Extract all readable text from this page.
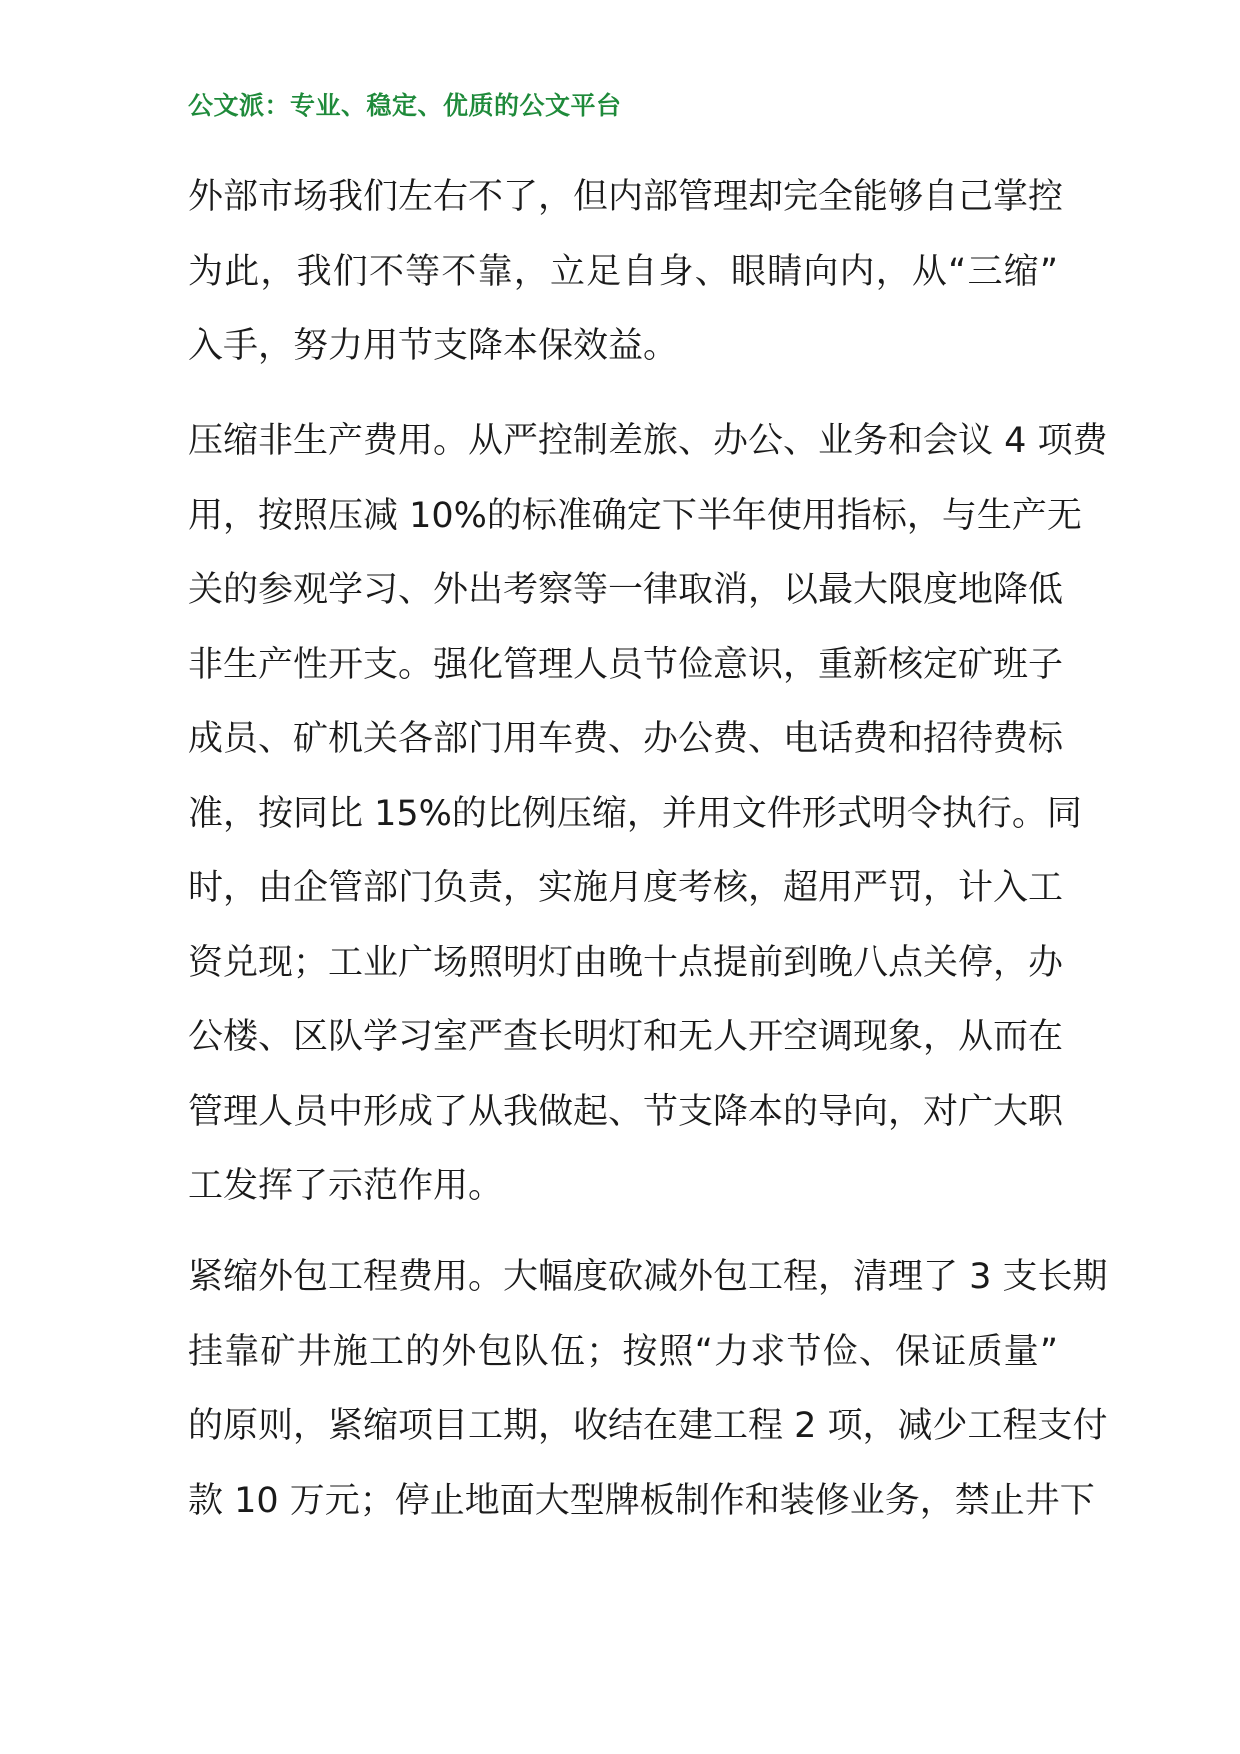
公文派：专业、稳定、优质的公文平台
外部市场我们左右不了，但内部管理却完全能够自己掌控
为此，我们不等不靠，立足自身、眼睛向内，从“三缩”
入手，努力用节支降本保效益。
压缩非生产费用。从严控制差旅、办公、业务和会议 4 项费
用，按照压减 10%的标准确定下半年使用指标，与生产无
关的参观学习、外出考察等一律取消，以最大限度地降低
非生产性开支。强化管理人员节俭意识，重新核定矿班子
成员、矿机关各部门用车费、办公费、电话费和招待费标
准，按同比 15%的比例压缩，并用文件形式明令执行。同
时，由企管部门负责，实施月度考核，超用严罚，计入工
资兑现；工业广场照明灯由晚十点提前到晚八点关停，办
公楼、区队学习室严查长明灯和无人开空调现象，从而在
管理人员中形成了从我做起、节支降本的导向，对广大职
工发挥了示范作用。
紧缩外包工程费用。大幅度砍减外包工程，清理了 3 支长期
挂靠矿井施工的外包队伍；按照“力求节俭、保证质量”
的原则，紧缩项目工期，收结在建工程 2 项，减少工程支付
款 10 万元；停止地面大型牌板制作和装修业务，禁止井下
